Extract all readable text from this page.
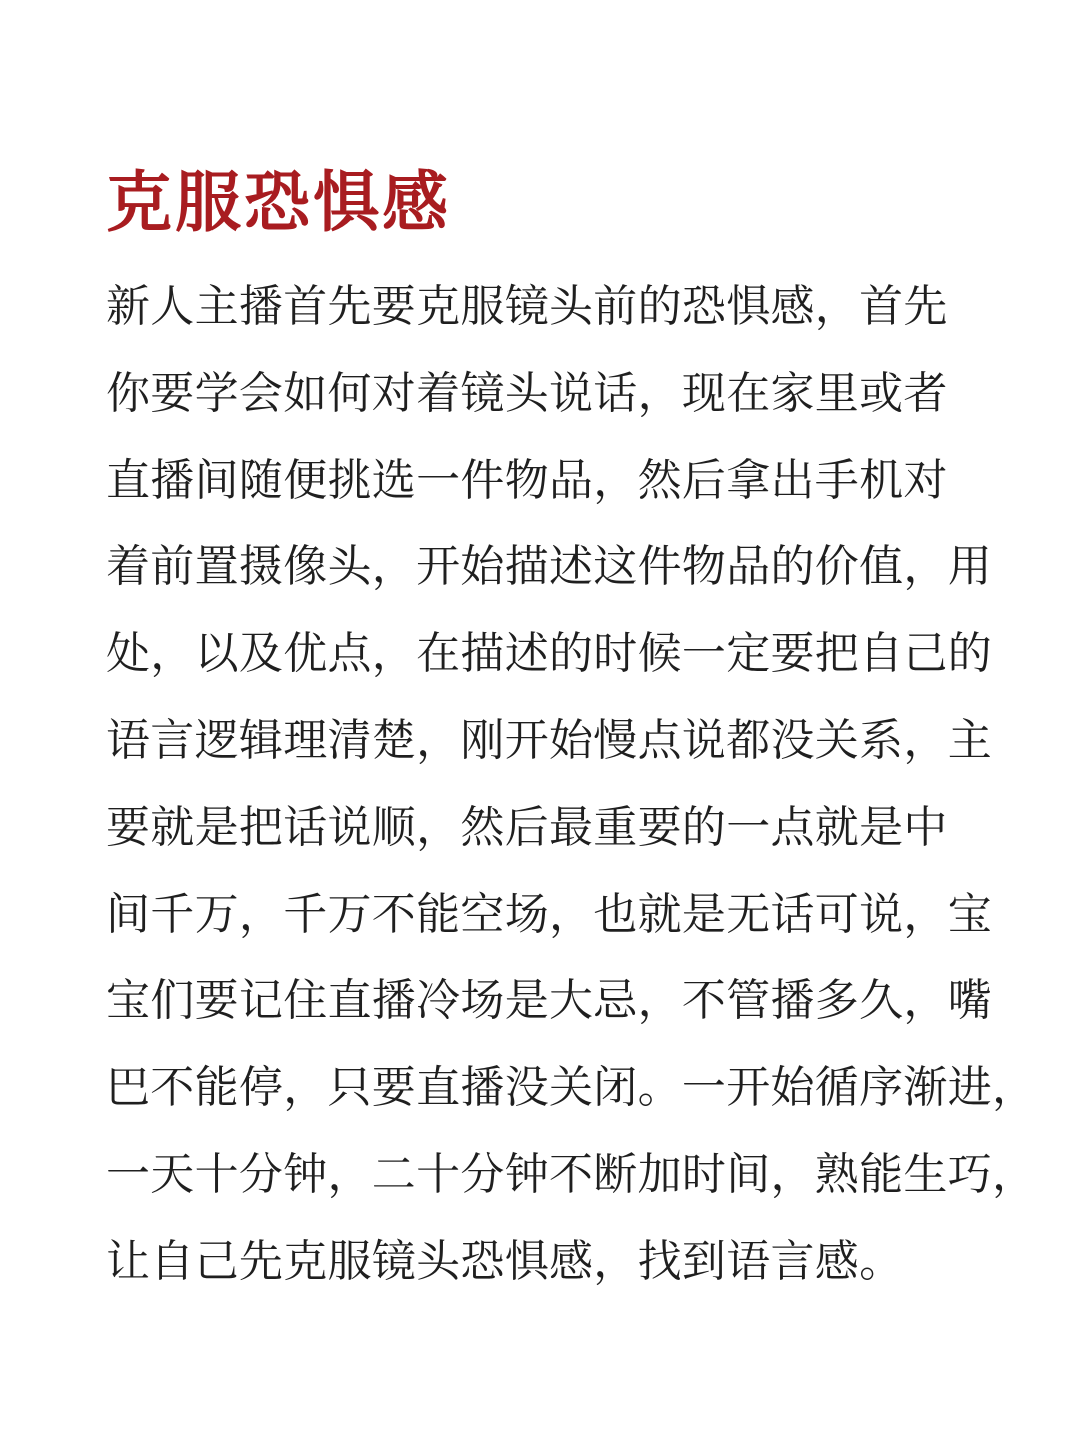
克服恐惧感
新人主播首先要克服镜头前的恐惧感，首先
你要学会如何对着镜头说话，现在家里或者
直播间随便挑选一件物品，然后拿出手机对
着前置摄像头，开始描述这件物品的价值，用
处，以及优点，在描述的时候一定要把自己的
语言逻辑理清楚，刚开始慢点说都没关系，主
要就是把话说顺，然后最重要的一点就是中
间千万，千万不能空场，也就是无话可说，宝
宝们要记住直播冷场是大忌，不管播多久，嘴
巴不能停，只要直播没关闭。一开始循序渐进，
一天十分钟，二十分钟不断加时间，熟能生巧，
让自己先克服镜头恐惧感，找到语言感。
